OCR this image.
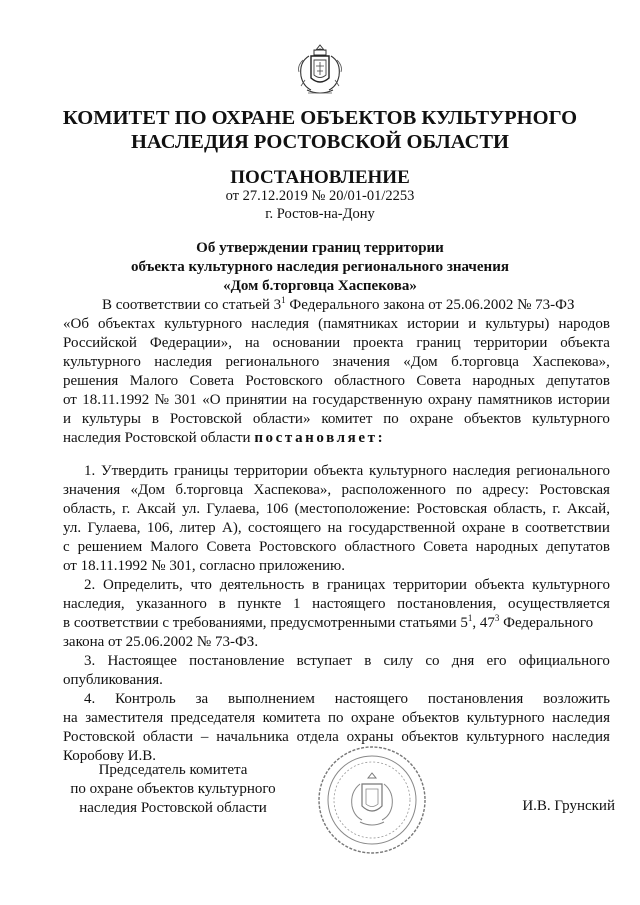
КОМИТЕТ ПО ОХРАНЕ ОБЪЕКТОВ КУЛЬТУРНОГО
НАСЛЕДИЯ РОСТОВСКОЙ ОБЛАСТИ
ПОСТАНОВЛЕНИЕ
от 27.12.2019 № 20/01-01/2253
г. Ростов-на-Дону
Об утверждении границ территории
объекта культурного наследия регионального значения
«Дом б.торговца Хаспекова»
В соответствии со статьей $3^1$ Федерального закона от 25.06.2002 № 73-ФЗ
«Об объектах культурного наследия (памятниках истории и культуры) народов
Российской Федерации», на основании проекта границ территории объекта
культурного наследия регионального значения «Дом б.торговца Хаспекова»,
решения Малого Совета Ростовского областного Совета народных депутатов
от 18.11.1992 № 301 «О принятии на государственную охрану памятников истории
и культуры в Ростовской области» комитет по охране объектов культурного
наследия Ростовской области постановляет:
1. Утвердить границы территории объекта культурного наследия регионального
значения «Дом б.торговца Хаспекова», расположенного по адресу: Ростовская
область, г. Аксай ул. Гулаева, 106 (местоположение: Ростовская область, г. Аксай,
ул. Гулаева, 106, литер А), состоящего на государственной охране в соответствии
с решением Малого Совета Ростовского областного Совета народных депутатов
от 18.11.1992 № 301, согласно приложению.
2. Определить, что деятельность в границах территории объекта культурного
наследия, указанного в пункте 1 настоящего постановления, осуществляется
в соответствии с требованиями, предусмотренными статьями $5^1$, $47^3$ Федерального
закона от 25.06.2002 № 73-ФЗ.
3. Настоящее постановление вступает в силу со дня его официального
опубликования.
4. Контроль за выполнением настоящего постановления возложить
на заместителя председателя комитета по охране объектов культурного наследия
Ростовской области – начальника отдела охраны объектов культурного наследия
Коробову И.В.
Председатель комитета
по охране объектов культурного
наследия Ростовской области	И.В. Грунский
